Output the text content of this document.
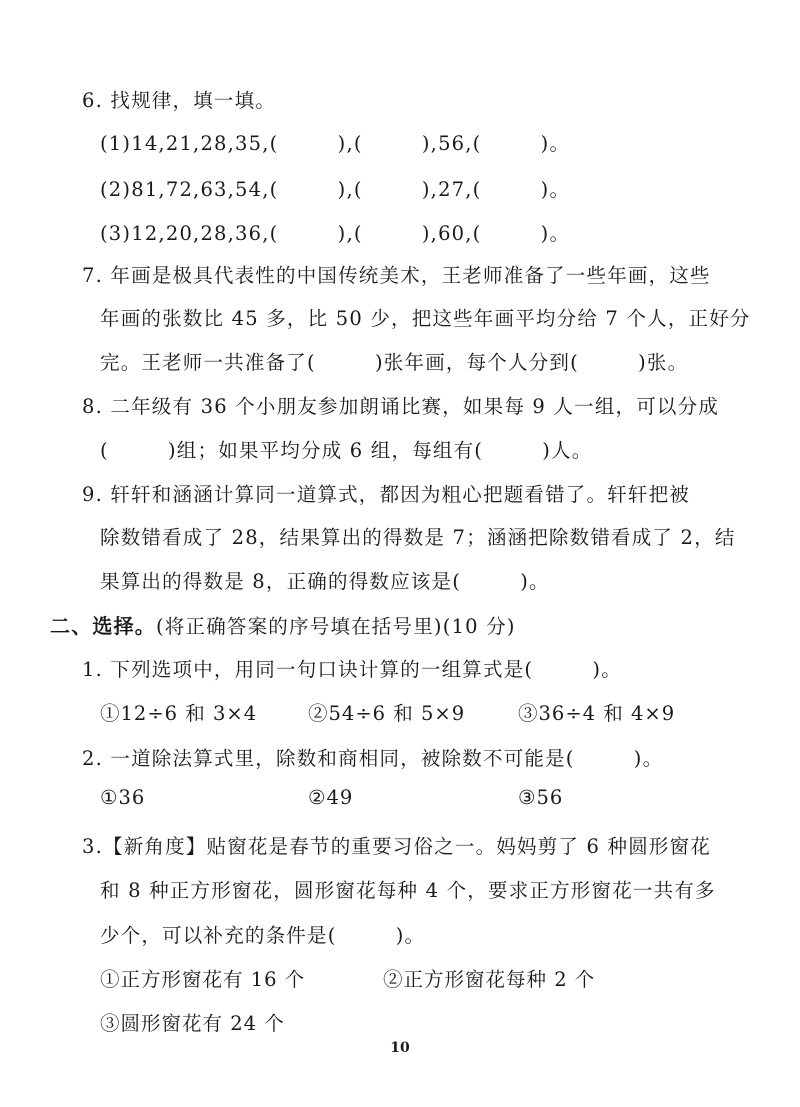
6. 找规律，填一填。
(1)14,21,28,35,(        ),(        ),56,(        )。
(2)81,72,63,54,(        ),(        ),27,(        )。
(3)12,20,28,36,(        ),(        ),60,(        )。
7. 年画是极具代表性的中国传统美术，王老师准备了一些年画，这些
年画的张数比 45 多，比 50 少，把这些年画平均分给 7 个人，正好分
完。王老师一共准备了(        )张年画，每个人分到(        )张。
8. 二年级有 36 个小朋友参加朗诵比赛，如果每 9 人一组，可以分成
(        )组；如果平均分成 6 组，每组有(        )人。
9. 轩轩和涵涵计算同一道算式，都因为粗心把题看错了。轩轩把被
除数错看成了 28，结果算出的得数是 7；涵涵把除数错看成了 2，结
果算出的得数是 8，正确的得数应该是(        )。
二、选择。(将正确答案的序号填在括号里)(10 分)
1. 下列选项中，用同一句口诀计算的一组算式是(        )。
①12÷6 和 3×4	②54÷6 和 5×9	③36÷4 和 4×9
2. 一道除法算式里，除数和商相同，被除数不可能是(        )。
①36	②49	③56
3.【新角度】贴窗花是春节的重要习俗之一。妈妈剪了 6 种圆形窗花
和 8 种正方形窗花，圆形窗花每种 4 个，要求正方形窗花一共有多
少个，可以补充的条件是(        )。
①正方形窗花有 16 个	②正方形窗花每种 2 个
③圆形窗花有 24 个
10
